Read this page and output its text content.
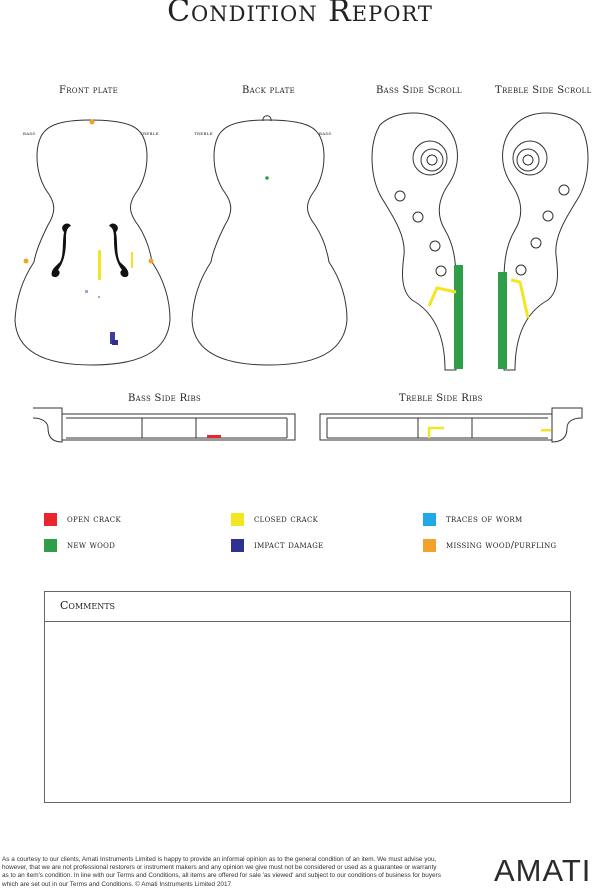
Condition Report
Front plate	Back plate	Bass Side Scroll	Treble Side Scroll
Bass Side Ribs	Treble Side Ribs
bass	treble	treble	bass
open crack	closed crack	traces of worm
new wood	impact damage	missing wood/purfling
Comments

As a courtesy to our clients, Amati Instruments Limited is happy to provide an informal opinion as to the general condition of an item. We must advise you, however, that we are not professional restorers or instrument makers and any opinion we give must not be considered or used as a guarantee or warranty as to an item's condition. In line with our Terms and Conditions, all items are offered for sale 'as viewed' and subject to our conditions of business for buyers which are set out in our Terms and Conditions. © Amati Instruments Limited 2017	AMATI
